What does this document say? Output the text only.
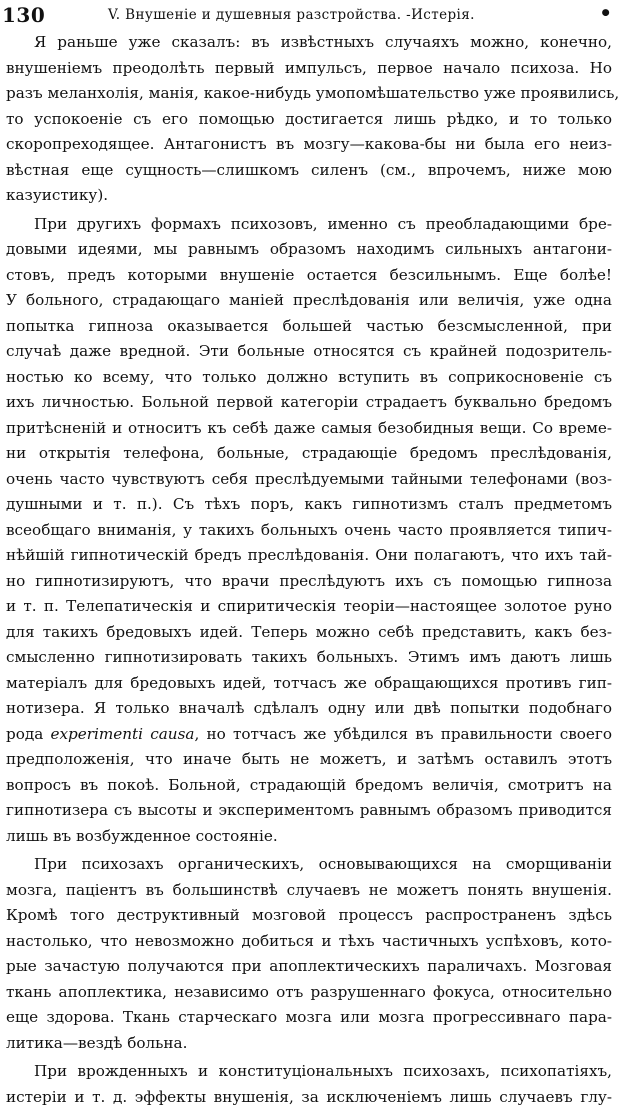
130	V. Внушеніе и душевныя разстройства. -Истерія.	•
Я раньше уже сказалъ: въ извѣстныхъ случаяхъ можно, конечно,
внушеніемъ преодолѣть первый импульсъ, первое начало психоза. Но
разъ меланхолія, манія, какое-нибудь умопомѣшательство уже проявились,
то успокоеніе съ его помощью достигается лишь рѣдко, и то только
скоропреходящее. Антагонистъ въ мозгу—какова-бы ни была его неиз-
вѣстная еще сущность—слишкомъ силенъ (см., впрочемъ, ниже мою
казуистику).
При другихъ формахъ психозовъ, именно съ преобладающими бре-
довыми идеями, мы равнымъ образомъ находимъ сильныхъ антагони-
стовъ, предъ которыми внушеніе остается безсильнымъ. Еще болѣе!
У больного, страдающаго маніей преслѣдованія или величія, уже одна
попытка гипноза оказывается большей частью безсмысленной, при
случаѣ даже вредной. Эти больные относятся съ крайней подозритель-
ностью ко всему, что только должно вступить въ соприкосновеніе съ
ихъ личностью. Больной первой категоріи страдаетъ буквально бредомъ
притѣсненій и относитъ къ себѣ даже самыя безобидныя вещи. Со време-
ни открытія телефона, больные, страдающіе бредомъ преслѣдованія,
очень часто чувствуютъ себя преслѣдуемыми тайными телефонами (воз-
душными и т. п.). Съ тѣхъ поръ, какъ гипнотизмъ сталъ предметомъ
всеобщаго вниманія, у такихъ больныхъ очень часто проявляется типич-
нѣйшій гипнотическій бредъ преслѣдованія. Они полагаютъ, что ихъ тай-
но гипнотизируютъ, что врачи преслѣдуютъ ихъ съ помощью гипноза
и т. п. Телепатическія и спиритическія теоріи—настоящее золотое руно
для такихъ бредовыхъ идей. Теперь можно себѣ представить, какъ без-
смысленно гипнотизировать такихъ больныхъ. Этимъ имъ даютъ лишь
матеріалъ для бредовыхъ идей, тотчасъ же обращающихся противъ гип-
нотизера. Я только вначалѣ сдѣлалъ одну или двѣ попытки подобнаго
рода experimenti causa, но тотчасъ же убѣдился въ правильности своего
предположенія, что иначе быть не можетъ, и затѣмъ оставилъ этотъ
вопросъ въ покоѣ. Больной, страдающій бредомъ величія, смотритъ на
гипнотизера съ высоты и экспериментомъ равнымъ образомъ приводится
лишь въ возбужденное состояніе.
При психозахъ органическихъ, основывающихся на сморщиваніи
мозга, паціентъ въ большинствѣ случаевъ не можетъ понять внушенія.
Кромѣ того деструктивный мозговой процессъ распространенъ здѣсь
настолько, что невозможно добиться и тѣхъ частичныхъ успѣховъ, кото-
рые зачастую получаются при апоплектическихъ параличахъ. Мозговая
ткань апоплектика, независимо отъ разрушеннаго фокуса, относительно
еще здорова. Ткань старческаго мозга или мозга прогрессивнаго пара-
литика—вездѣ больна.
При врожденныхъ и конституціональныхъ психозахъ, психопатіяхъ,
истеріи и т. д. эффекты внушенія, за исключеніемъ лишь случаевъ глу-
